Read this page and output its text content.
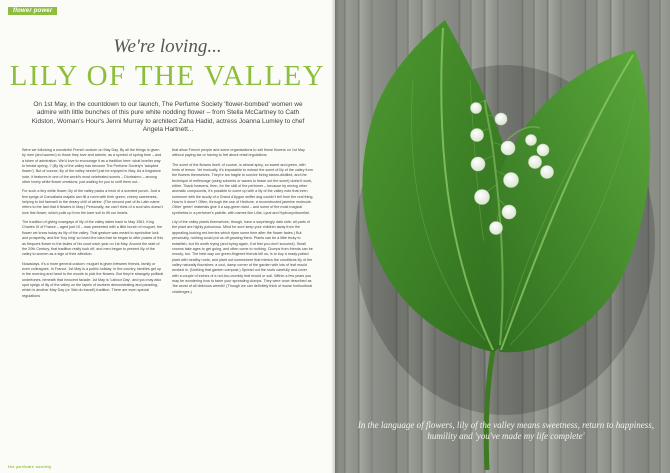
flower power
We're loving...
LILY OF THE VALLEY
On 1st May, in the countdown to our launch, The Perfume Society 'flower-bombed' women we admire with little bunches of this pure white nodding flower – from Stella McCartney to Cath Kidston, Woman's Hour's Jenni Murray to architect Zaha Hadid, actress Joanna Lumley to chef Angela Hartnett...

Were we following a wonderful French custom on May Day. By all the things is given by men (and women) to those they love and admire, as a symbol of spring time – and a token of admiration. We'd love to encourage it as a tradition here: what lovelier way to herald spring..? (By lily of the valley has become The Perfume Society's 'adopted flower'). But of course, lily of the valley needn't just be enjoyed in May. As a fragrance note, it features in one of the world's most celebrated scents – Diorissimo – among other lovely white flower creations, just waiting for you to sniff them out...

For such a tiny white flower, lily of the valley packs a heck of a scented punch. Just a few sprigs of Convallaria majalis can fill a room with their green, cheery sweetness, helping to bid farewell to the dreary chill of winter. (The second part of its Latin name refers to the fact that it flowers in May.) Personally, we can't think of a soul who doesn't love this flower, which pulls up from the bare soil to lift our hearts.

The tradition of giving nosegays of lily of the valley dates back to May 1561. King Charles IX of France – aged just 10 – was presented with a little bunch of muguet, the flower we know today as lily of the valley. That gesture was meant to symbolise luck and prosperity, and the 'boy king' so loved the idea that he began to offer posies of this as frequent flower to the ladies of his court each year on 1st May. Around the start of the 20th Century, that tradition really took off, and men began to present lily of the valley to women as a sign of their affection.

Nowadays, it's a more general custom: muguet is given between friends, family or even colleagues. In France, 1st May is a public holiday. In the country, families get up in the morning and head to the woods to pick the flowers. But they're strangely political undertones, beneath that innocent facade: 1st May is 'Labour Day', and you may also spot sprigs of lily of the valley on the lapels of workers demonstrating and parading, which is another May Day (or 'Mai du travail') tradition. There are even special regulations

that allow French people and some organisations to sell these flowers on 1st May without paying tax or having to fret about retail regulations.

The scent of the flowers itself, of course, is almost spicy, so sweet and green, with hints of lemon. Yet ironically, it's impossible to extract the scent of lily of the valley from the flowers themselves. They're too fragile to survive being steam-distilled, and the technique of enfleurage (using solvents or waxes to tease out the scent) doesn't work, either. Thank heavens, then, for the skill of the perfumer – because by mixing other aromatic compounds, it's possible to come up with a lily of the valley note that even someone with the acuity of a Grand d'Aygue sniffer dog couldn't tell from the real thing. How is it done? Often, through the use of Hedione, a reconstructed jasmine molecule. Other 'green' materials give it a sap-green twist – and some of the most magical synthetics in a perfumer's palette, with names like Lilial, Lyral and Hydroxycitronellal.

Lily of the valley plants themselves, though, have a surprisingly dark side: all parts of the plant are highly poisonous. Mind for sure keep your children away from the appealing-looking red berries which ripen some time after the flower fades.) But personally, nothing could put us off growing them. Plants can be a little tricky to establish, but it's worth trying (and trying again, if at first you don't succeed). Small crowns take ages to get going, and often come to nothing. Clumps from friends can be moody, too. The best way our green-fingered friends tell us, is to buy a ready-potted plant with healthy roots, and plant out somewhere that mimics the conditions lily of the valley naturally flourishes: a cool, damp corner of the garden with lots of leaf mould worked in. (Nothing that garden compost.) Spread out the roots carefully and cover with a couple of inches of a not-too-crumbly leaf mould or soil. Within a few years you may be wondering how to tame your spreading clumps. They were once described as 'the worst of all delicious weeds'! (Though we can definitely think of worse horticultural challenges.)

the perfume society
In the language of flowers, lily of the valley means sweetness, return to happiness, humility and 'you've made my life complete'
